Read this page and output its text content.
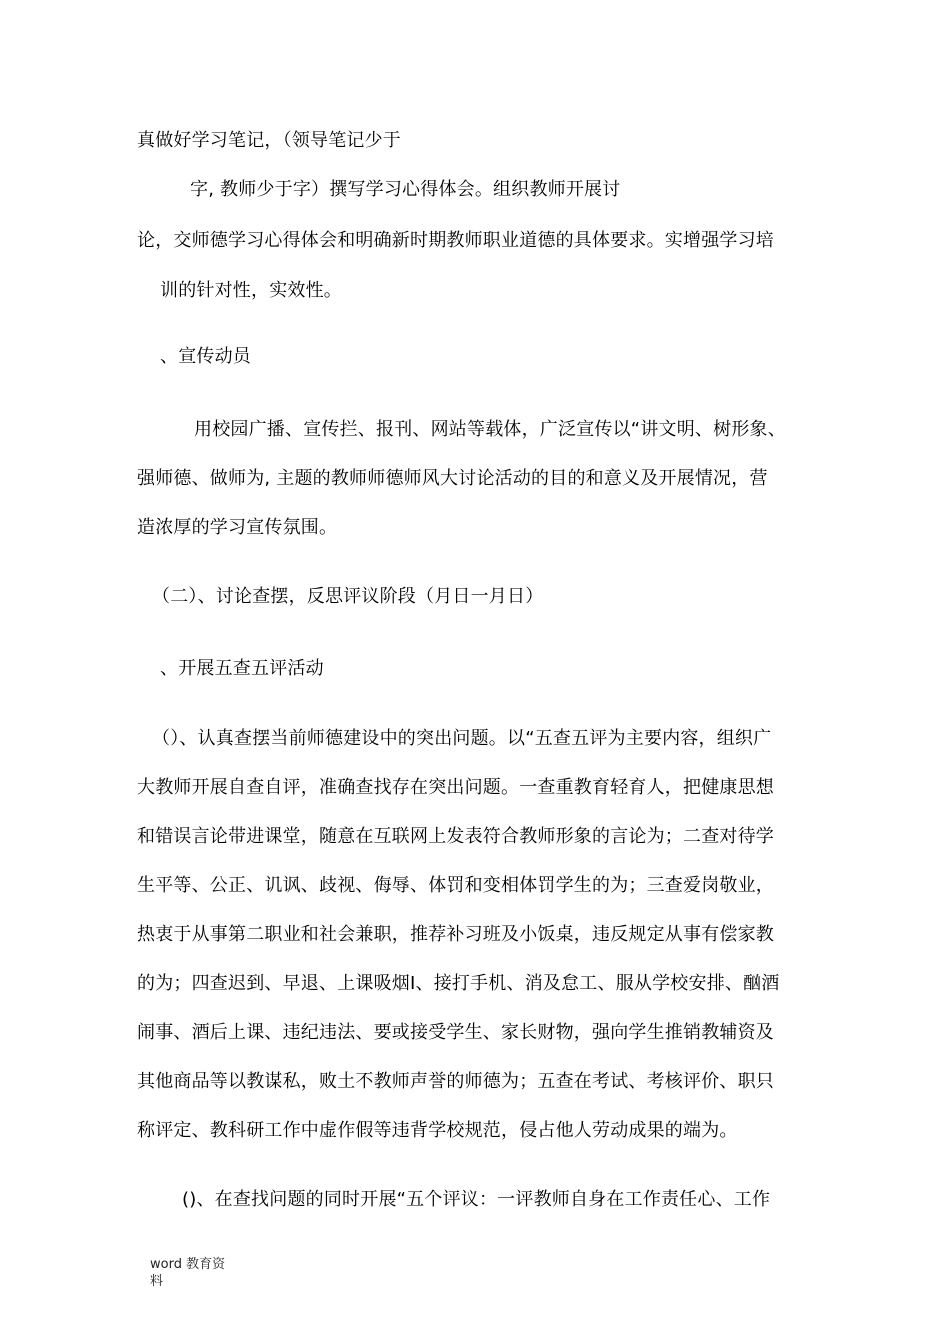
真做好学习笔记，（领导笔记少于
字, 教师少于字）撰写学习心得体会。组织教师开展讨
论，交师德学习心得体会和明确新时期教师职业道德的具体要求。实增强学习培
训的针对性，实效性。
、宣传动员
用校园广播、宣传拦、报刊、网站等载体，广泛宣传以“讲文明、树形象、
强师德、做师为, 主题的教师师德师风大讨论活动的目的和意义及开展情况，营
造浓厚的学习宣传氛围。
（二）、讨论查摆，反思评议阶段（月日一月日）
、开展五查五评活动
（）、认真查摆当前师德建设中的突出问题。以“五查五评为主要内容，组织广
大教师开展自查自评，准确查找存在突出问题。一查重教育轻育人，把健康思想
和错误言论带进课堂，随意在互联网上发表符合教师形象的言论为；二查对待学
生平等、公正、讥讽、歧视、侮辱、体罚和变相体罚学生的为；三查爱岗敬业，
热衷于从事第二职业和社会兼职，推荐补习班及小饭桌，违反规定从事有偿家教
的为；四查迟到、早退、上课吸烟Ⅰ、接打手机、消及怠工、服从学校安排、酗酒
闹事、酒后上课、违纪违法、要或接受学生、家长财物，强向学生推销教辅资及
其他商品等以教谋私，败土不教师声誉的师德为；五查在考试、考核评价、职只
称评定、教科研工作中虚作假等违背学校规范，侵占他人劳动成果的端为。
()、在查找问题的同时开展“五个评议：一评教师自身在工作责任心、工作
word 教育资
料
